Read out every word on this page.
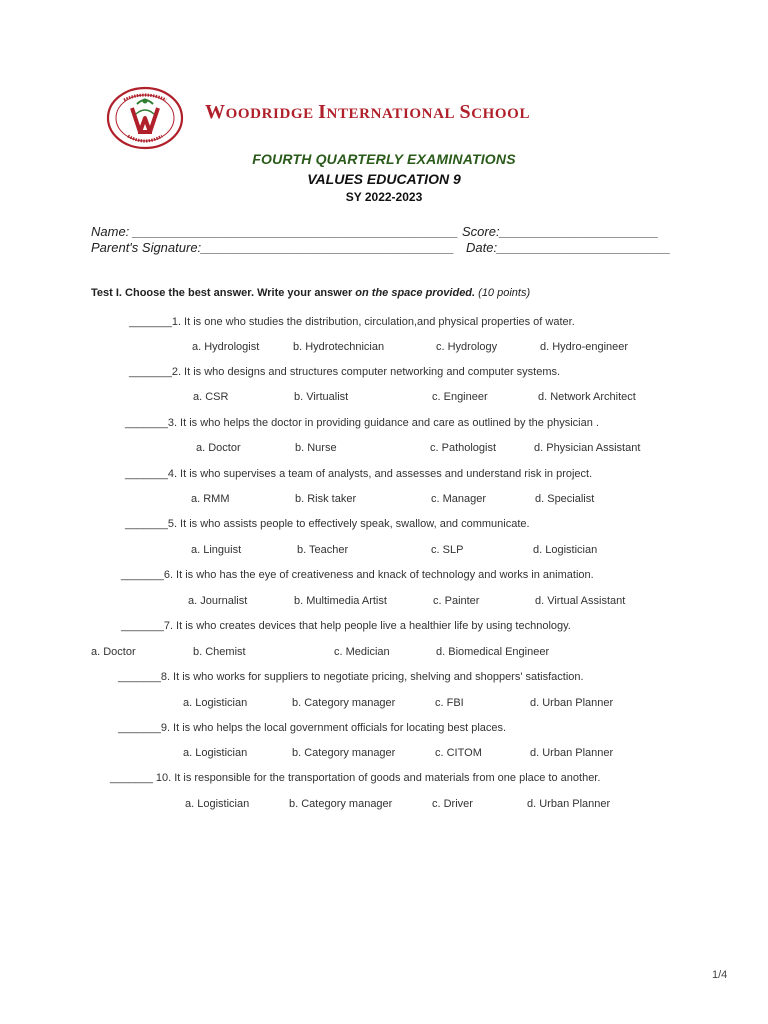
WOODRIDGE INTERNATIONAL SCHOOL
FOURTH QUARTERLY EXAMINATIONS
VALUES EDUCATION 9
SY 2022-2023
Name: _____________________________________________ Score:______________________
Parent's Signature:___________________________________ Date:________________________
Test I. Choose the best answer. Write your answer on the space provided. (10 points)
_______1. It is one who studies the distribution, circulation,and physical properties of water.
a. Hydrologist	b. Hydrotechnician	c. Hydrology	d. Hydro-engineer
_______2. It is who designs and structures computer networking and computer systems.
a. CSR	b. Virtualist	c. Engineer	d. Network Architect
_______3. It is who helps the doctor in providing guidance and care as outlined by the physician .
a. Doctor	b. Nurse	c. Pathologist	d. Physician Assistant
_______4. It is who supervises a team of analysts, and assesses and understand risk in project.
a. RMM	b. Risk taker	c. Manager	d. Specialist
_______5. It is who assists people to effectively speak, swallow, and communicate.
a. Linguist	b. Teacher	c. SLP	d. Logistician
_______6. It is who has the eye of creativeness and knack of technology and works in animation.
a. Journalist	b. Multimedia Artist	c. Painter	d. Virtual Assistant
_______7. It is who creates devices that help people live a healthier life by using technology.
a. Doctor	b. Chemist	c. Medician	d. Biomedical Engineer
_______8. It is who works for suppliers to negotiate pricing, shelving and shoppers' satisfaction.
a. Logistician	b. Category manager	c. FBI	d. Urban Planner
_______9. It is who helps the local government officials for locating best places.
a. Logistician	b. Category manager	c. CITOM	d. Urban Planner
_______ 10. It is responsible for the transportation of goods and materials from one place to another.
a. Logistician	b. Category manager	c. Driver	d. Urban Planner
1/4
